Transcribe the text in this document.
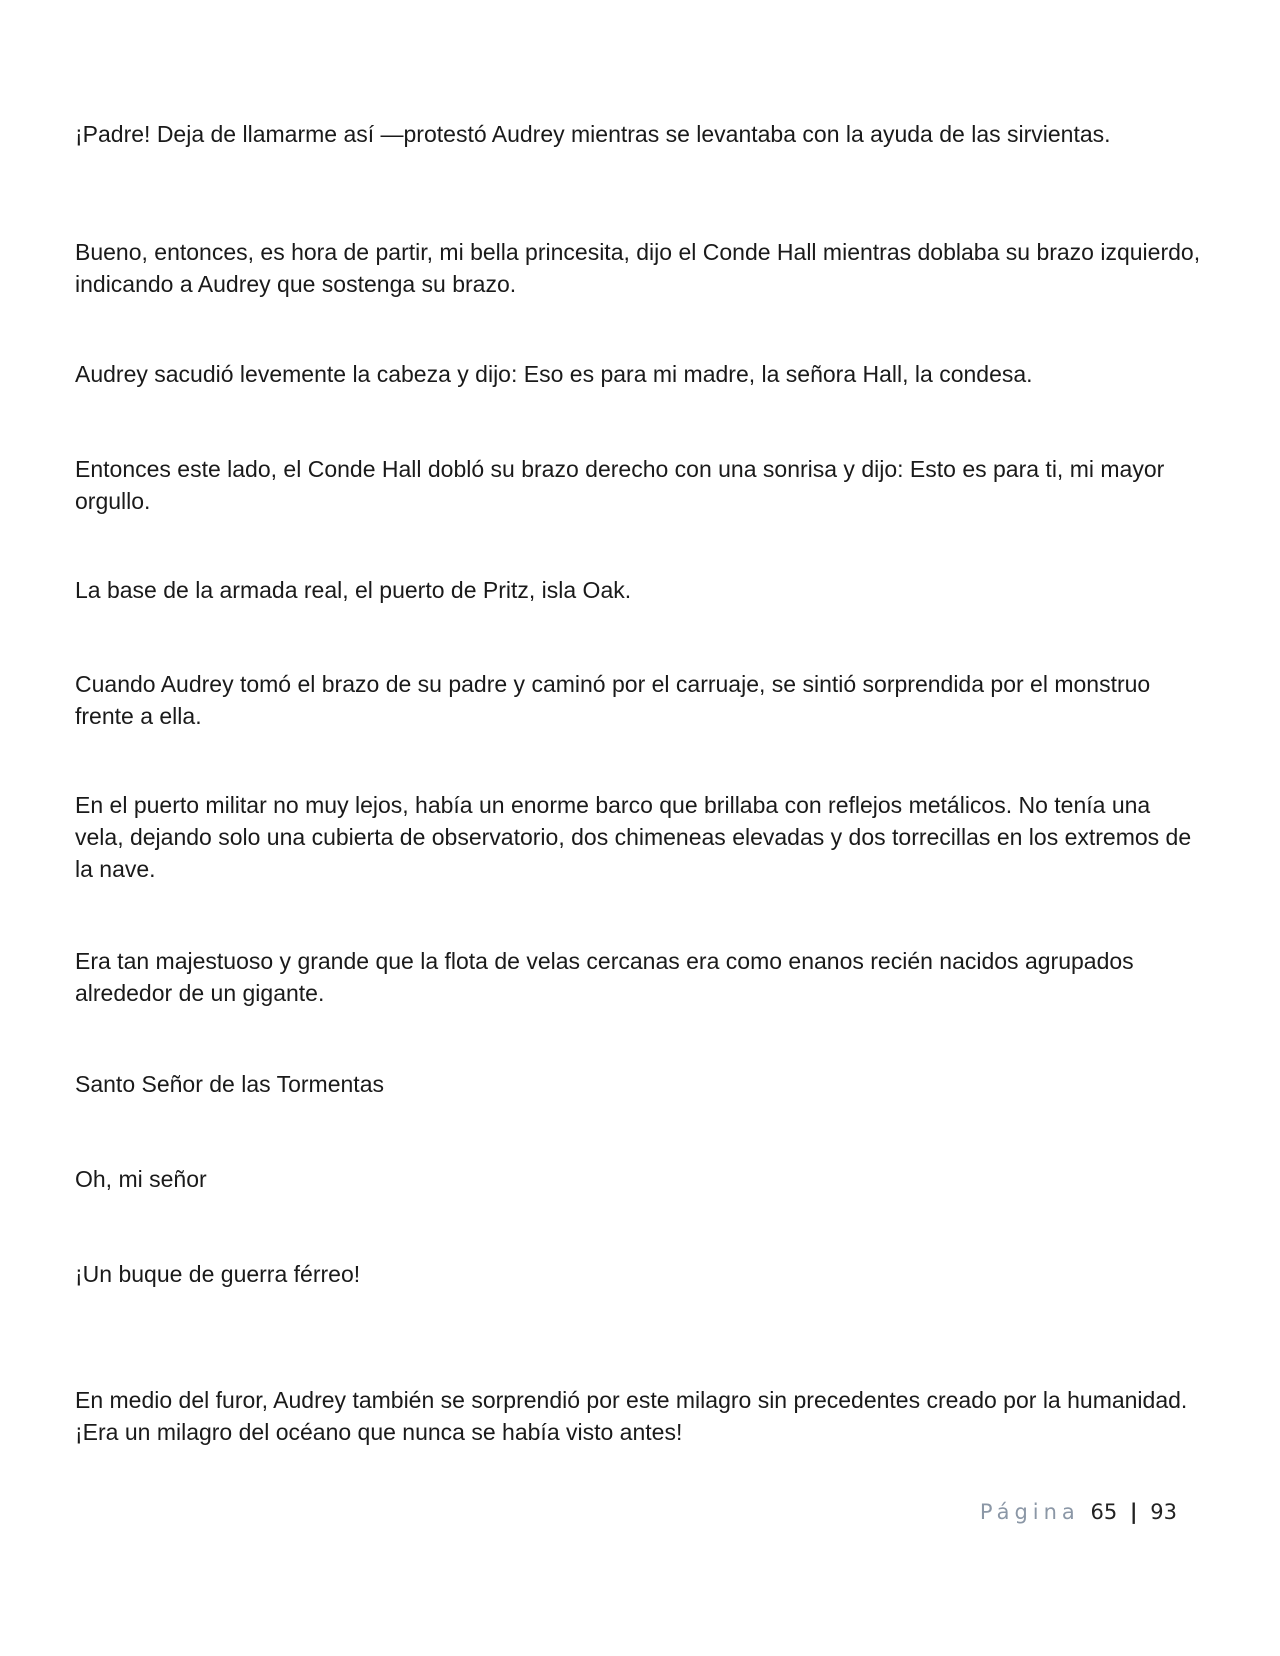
¡Padre! Deja de llamarme así —protestó Audrey mientras se levantaba con la ayuda de las sirvientas.

Bueno, entonces, es hora de partir, mi bella princesita, dijo el Conde Hall mientras doblaba su brazo izquierdo, indicando a Audrey que sostenga su brazo.

Audrey sacudió levemente la cabeza y dijo: Eso es para mi madre, la señora Hall, la condesa.

Entonces este lado, el Conde Hall dobló su brazo derecho con una sonrisa y dijo: Esto es para ti, mi mayor orgullo.

La base de la armada real, el puerto de Pritz, isla Oak.

Cuando Audrey tomó el brazo de su padre y caminó por el carruaje, se sintió sorprendida por el monstruo frente a ella.

En el puerto militar no muy lejos, había un enorme barco que brillaba con reflejos metálicos. No tenía una vela, dejando solo una cubierta de observatorio, dos chimeneas elevadas y dos torrecillas en los extremos de la nave.

Era tan majestuoso y grande que la flota de velas cercanas era como enanos recién nacidos agrupados alrededor de un gigante.

Santo Señor de las Tormentas

Oh, mi señor

¡Un buque de guerra férreo!

En medio del furor, Audrey también se sorprendió por este milagro sin precedentes creado por la humanidad. ¡Era un milagro del océano que nunca se había visto antes!

Página 65 | 93
